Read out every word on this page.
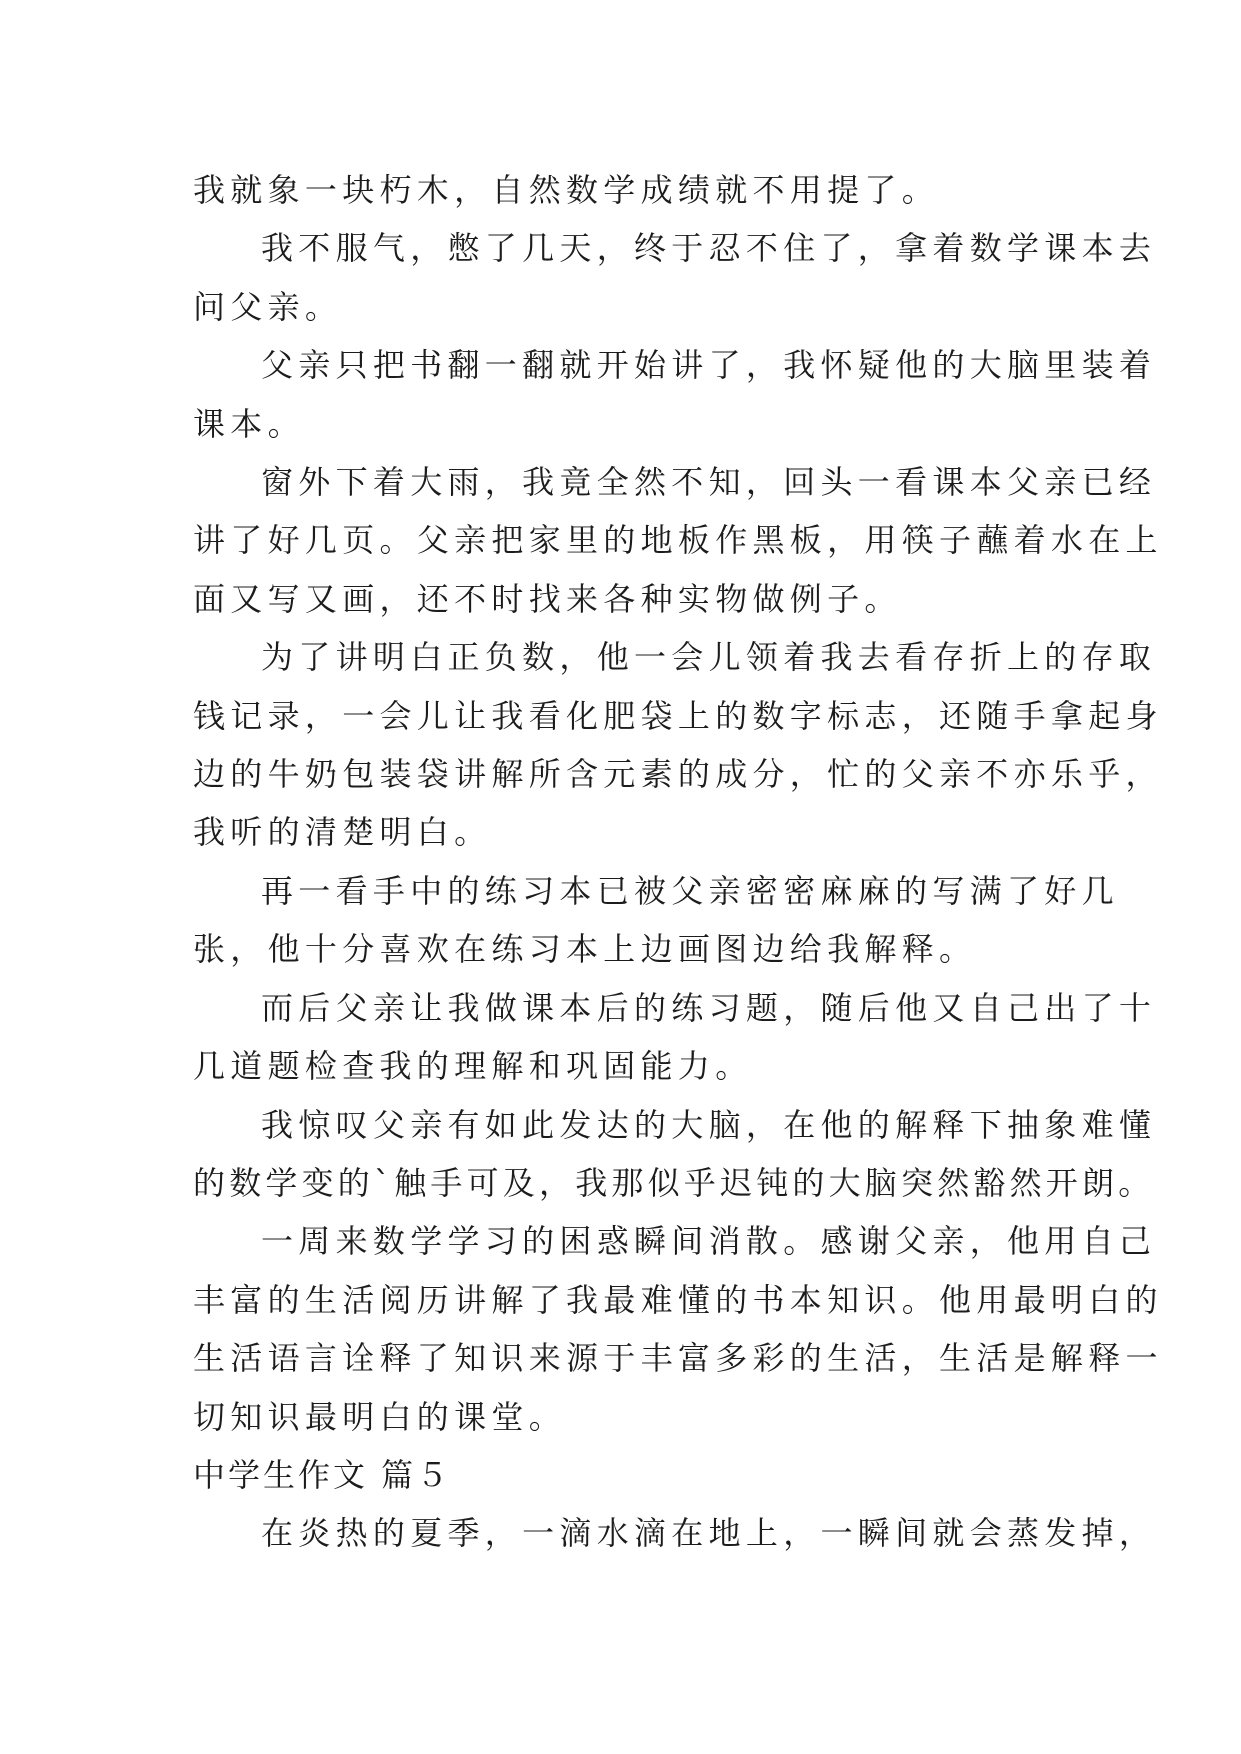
我就象一块朽木，自然数学成绩就不用提了。

我不服气，憋了几天，终于忍不住了，拿着数学课本去
问父亲。

父亲只把书翻一翻就开始讲了，我怀疑他的大脑里装着
课本。

窗外下着大雨，我竟全然不知，回头一看课本父亲已经
讲了好几页。父亲把家里的地板作黑板，用筷子蘸着水在上
面又写又画，还不时找来各种实物做例子。

为了讲明白正负数，他一会儿领着我去看存折上的存取
钱记录，一会儿让我看化肥袋上的数字标志，还随手拿起身
边的牛奶包装袋讲解所含元素的成分，忙的父亲不亦乐乎，
我听的清楚明白。

再一看手中的练习本已被父亲密密麻麻的写满了好几
张，他十分喜欢在练习本上边画图边给我解释。

而后父亲让我做课本后的练习题，随后他又自己出了十
几道题检查我的理解和巩固能力。

我惊叹父亲有如此发达的大脑，在他的解释下抽象难懂
的数学变的`触手可及，我那似乎迟钝的大脑突然豁然开朗。

一周来数学学习的困惑瞬间消散。感谢父亲，他用自己
丰富的生活阅历讲解了我最难懂的书本知识。他用最明白的
生活语言诠释了知识来源于丰富多彩的生活，生活是解释一
切知识最明白的课堂。

中学生作文 篇５

在炎热的夏季，一滴水滴在地上，一瞬间就会蒸发掉，
